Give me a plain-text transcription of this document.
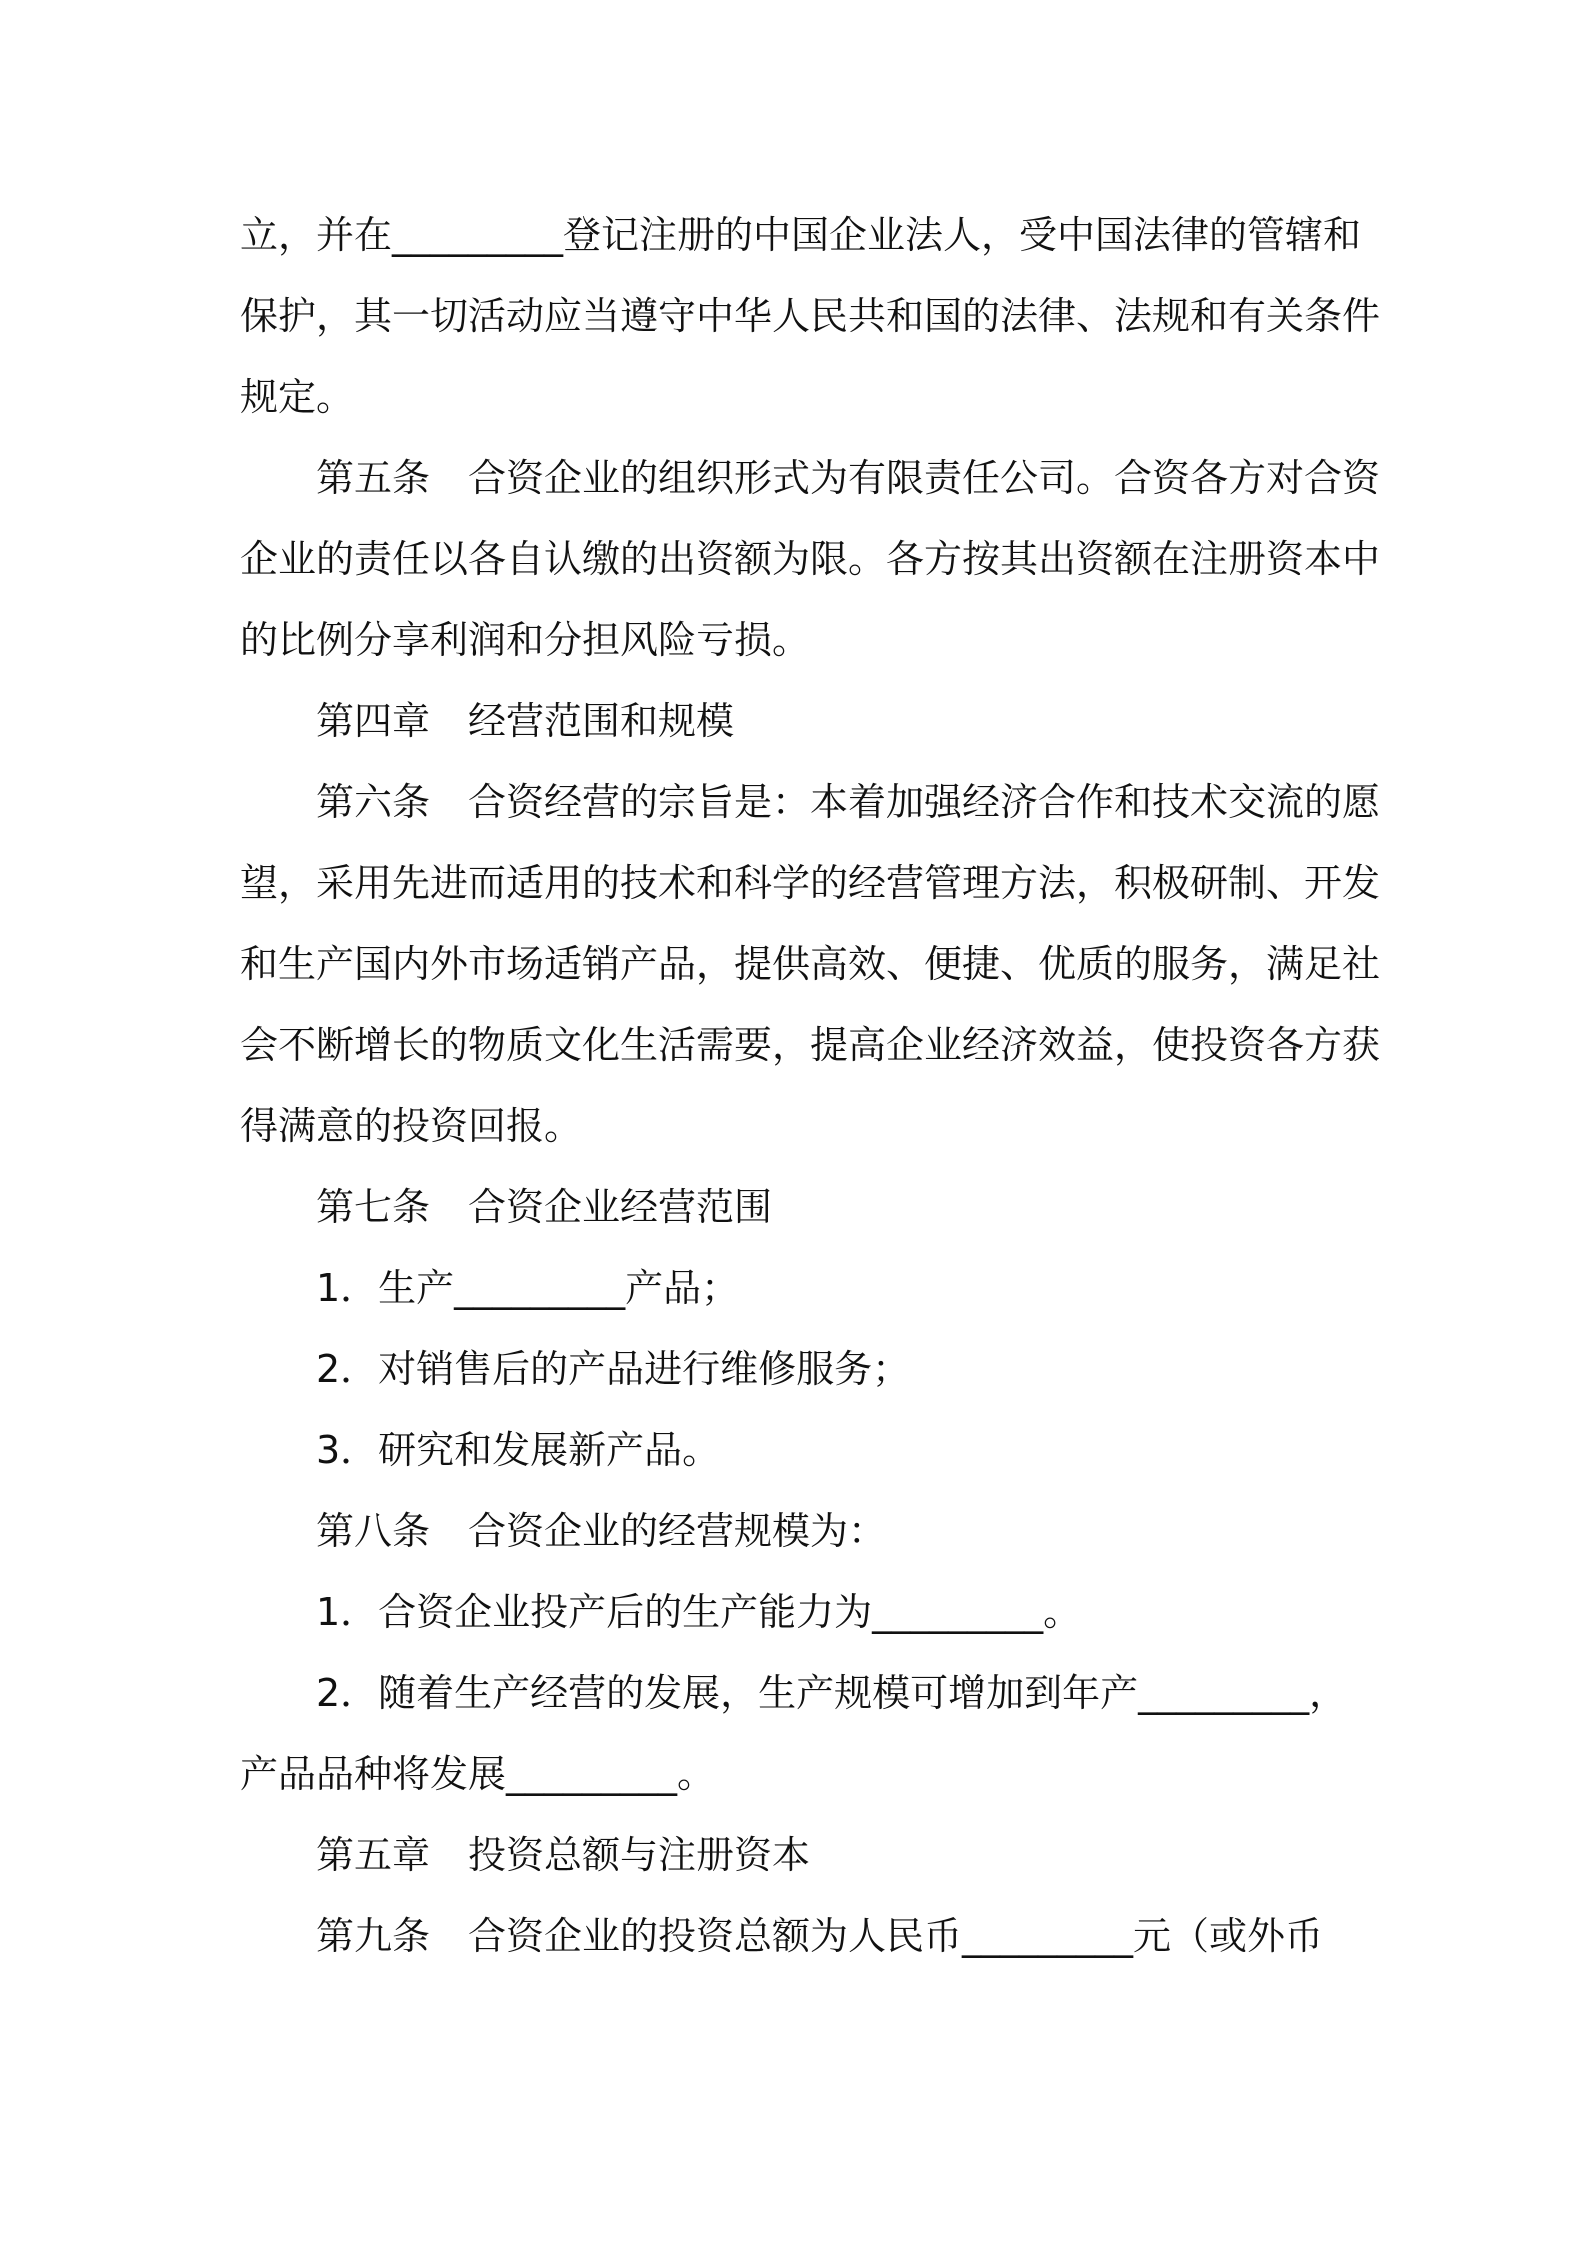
立，并在_________登记注册的中国企业法人，受中国法律的管辖和
保护，其一切活动应当遵守中华人民共和国的法律、法规和有关条件
规定。
第五条　合资企业的组织形式为有限责任公司。合资各方对合资
企业的责任以各自认缴的出资额为限。各方按其出资额在注册资本中
的比例分享利润和分担风险亏损。
第四章　经营范围和规模
第六条　合资经营的宗旨是：本着加强经济合作和技术交流的愿
望，采用先进而适用的技术和科学的经营管理方法，积极研制、开发
和生产国内外市场适销产品，提供高效、便捷、优质的服务，满足社
会不断增长的物质文化生活需要，提高企业经济效益，使投资各方获
得满意的投资回报。
第七条　合资企业经营范围
1．生产_________产品；
2．对销售后的产品进行维修服务；
3．研究和发展新产品。
第八条　合资企业的经营规模为：
1．合资企业投产后的生产能力为_________。
2．随着生产经营的发展，生产规模可增加到年产_________，
产品品种将发展_________。
第五章　投资总额与注册资本
第九条　合资企业的投资总额为人民币_________元（或外币
